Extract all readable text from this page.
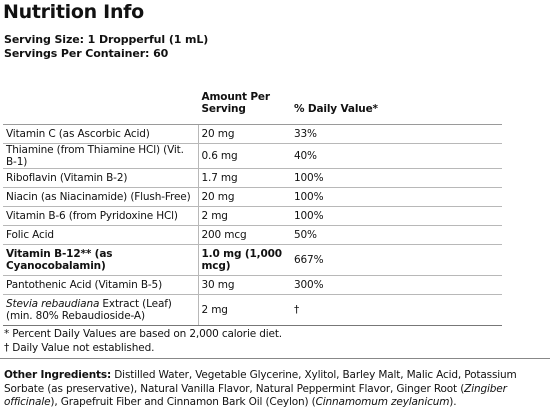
Nutrition Info
Serving Size: 1 Dropperful (1 mL)
Servings Per Container: 60
	Amount Per Serving	% Daily Value*
Vitamin C (as Ascorbic Acid)	20 mg	33%
Thiamine (from Thiamine HCl) (Vit. B-1)	0.6 mg	40%
Riboflavin (Vitamin B-2)	1.7 mg	100%
Niacin (as Niacinamide) (Flush-Free)	20 mg	100%
Vitamin B-6 (from Pyridoxine HCl)	2 mg	100%
Folic Acid	200 mcg	50%
Vitamin B-12** (as Cyanocobalamin)	1.0 mg (1,000 mcg)	667%
Pantothenic Acid (Vitamin B-5)	30 mg	300%
Stevia rebaudiana Extract (Leaf) (min. 80% Rebaudioside-A)	2 mg	†
* Percent Daily Values are based on 2,000 calorie diet.
† Daily Value not established.
Other Ingredients: Distilled Water, Vegetable Glycerine, Xylitol, Barley Malt, Malic Acid, Potassium Sorbate (as preservative), Natural Vanilla Flavor, Natural Peppermint Flavor, Ginger Root (Zingiber officinale), Grapefruit Fiber and Cinnamon Bark Oil (Ceylon) (Cinnamomum zeylanicum).
